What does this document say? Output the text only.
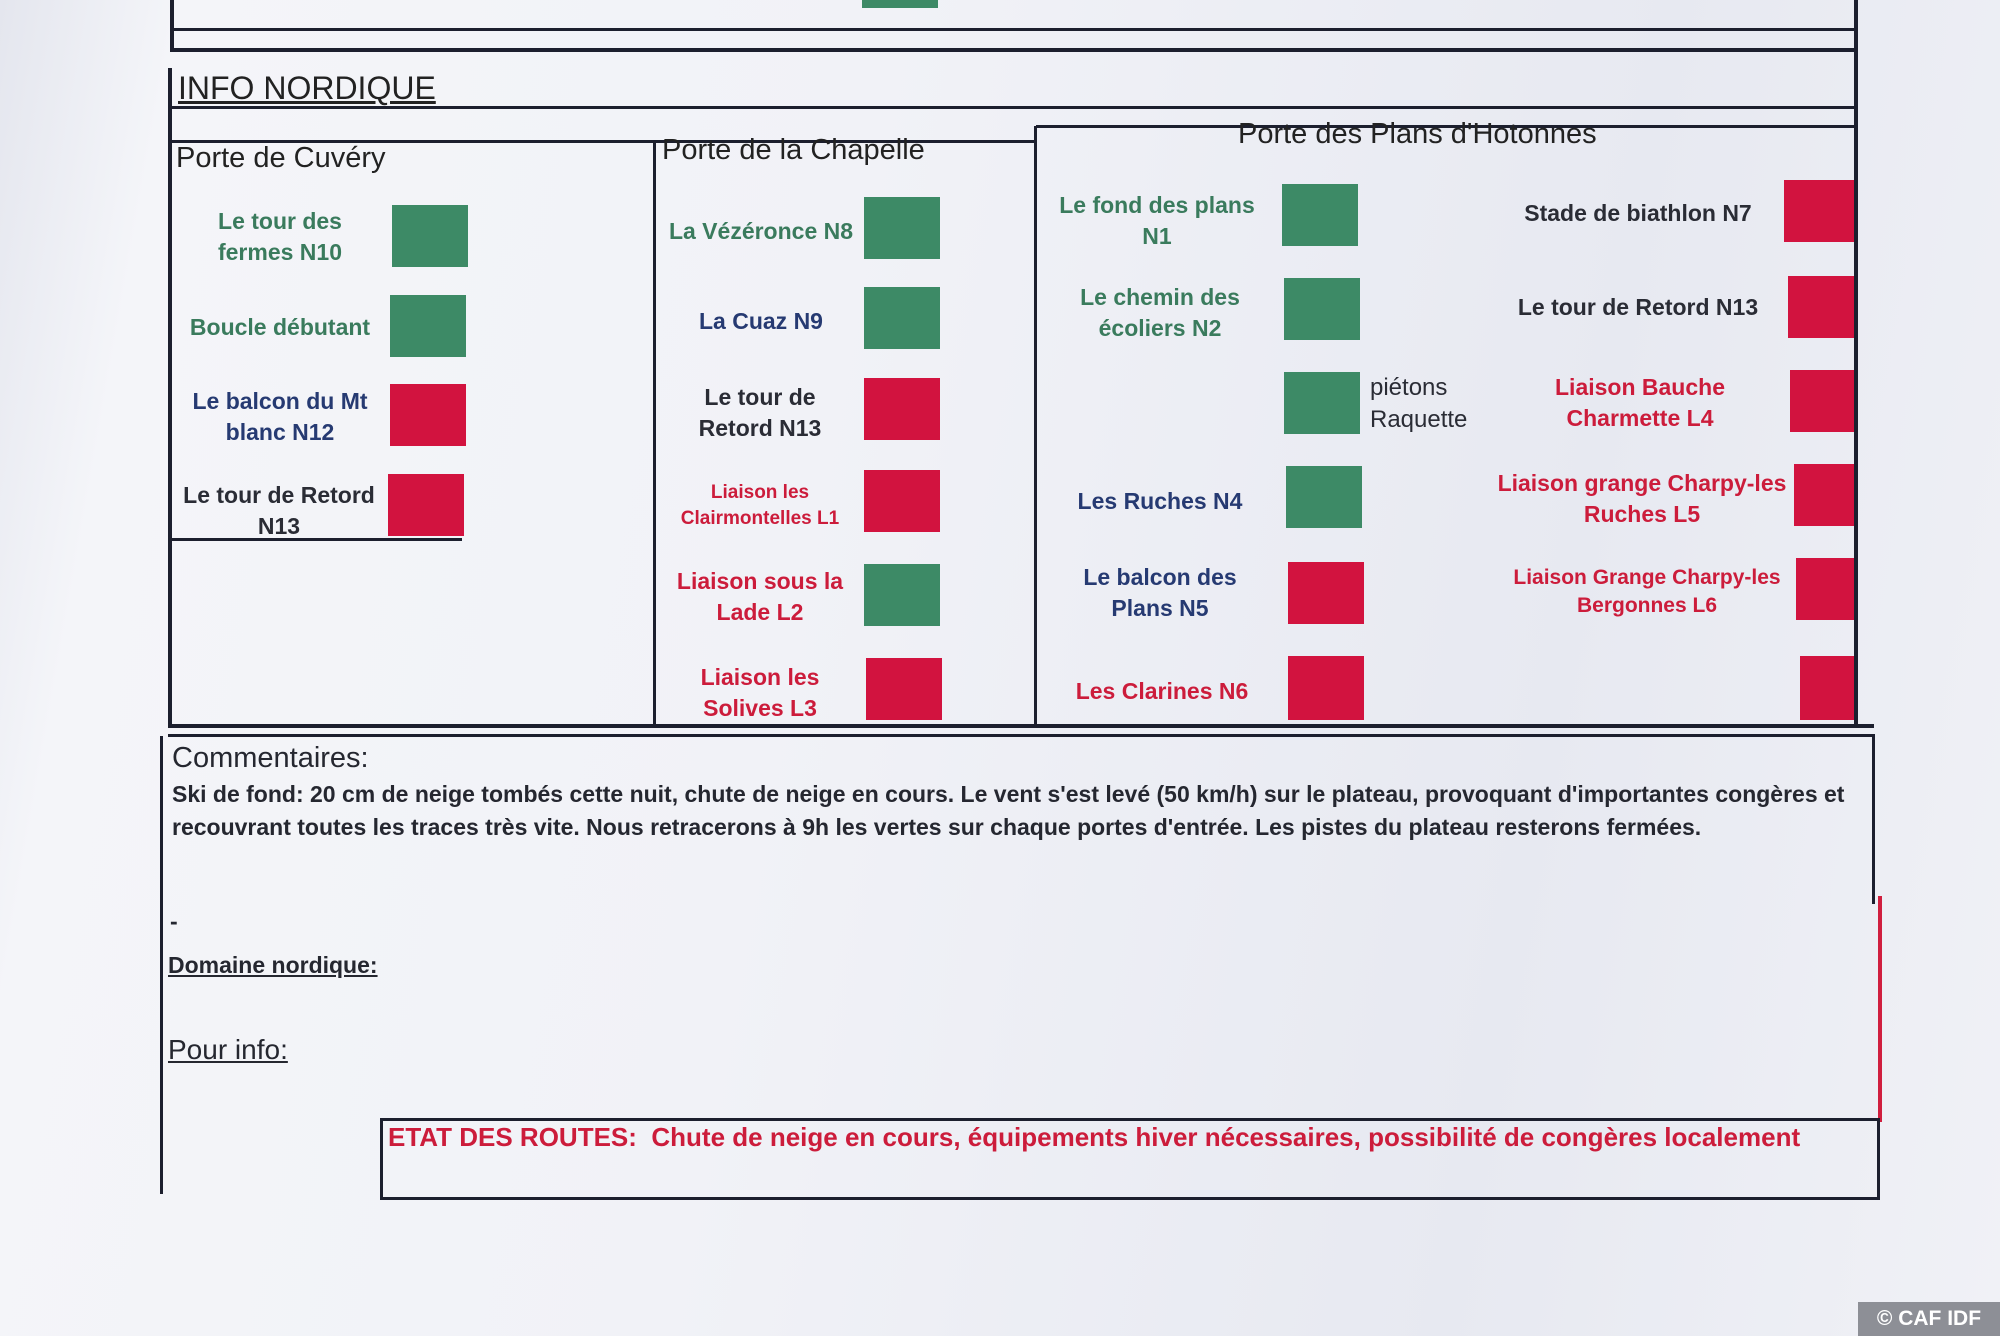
INFO NORDIQUE
Porte de Cuvéry	Porte de la Chapelle	Porte des Plans d'Hotonnes
Le tour des fermes N10
Boucle débutant
Le balcon du Mt blanc N12
Le tour de Retord N13
La Vézéronce N8
La Cuaz N9
Le tour de Retord N13
Liaison les Clairmontelles L1
Liaison sous la Lade L2
Liaison les Solives L3
Le fond des plans N1
Le chemin des écoliers N2
piétons Raquette
Les Ruches N4
Le balcon des Plans N5
Les Clarines N6
Stade de biathlon N7
Le tour de Retord N13
Liaison Bauche Charmette L4
Liaison grange Charpy-les Ruches L5
Liaison Grange Charpy-les Bergonnes L6
Commentaires:
Ski de fond: 20 cm de neige tombés cette nuit, chute de neige en cours. Le vent s'est levé (50 km/h) sur le plateau, provoquant d'importantes congères et recouvrant toutes les traces très vite. Nous retracerons à 9h les vertes sur chaque portes d'entrée. Les pistes du plateau resterons fermées.
-
Domaine nordique:
Pour info:
ETAT DES ROUTES: Chute de neige en cours, équipements hiver nécessaires, possibilité de congères localement
© CAF IDF
